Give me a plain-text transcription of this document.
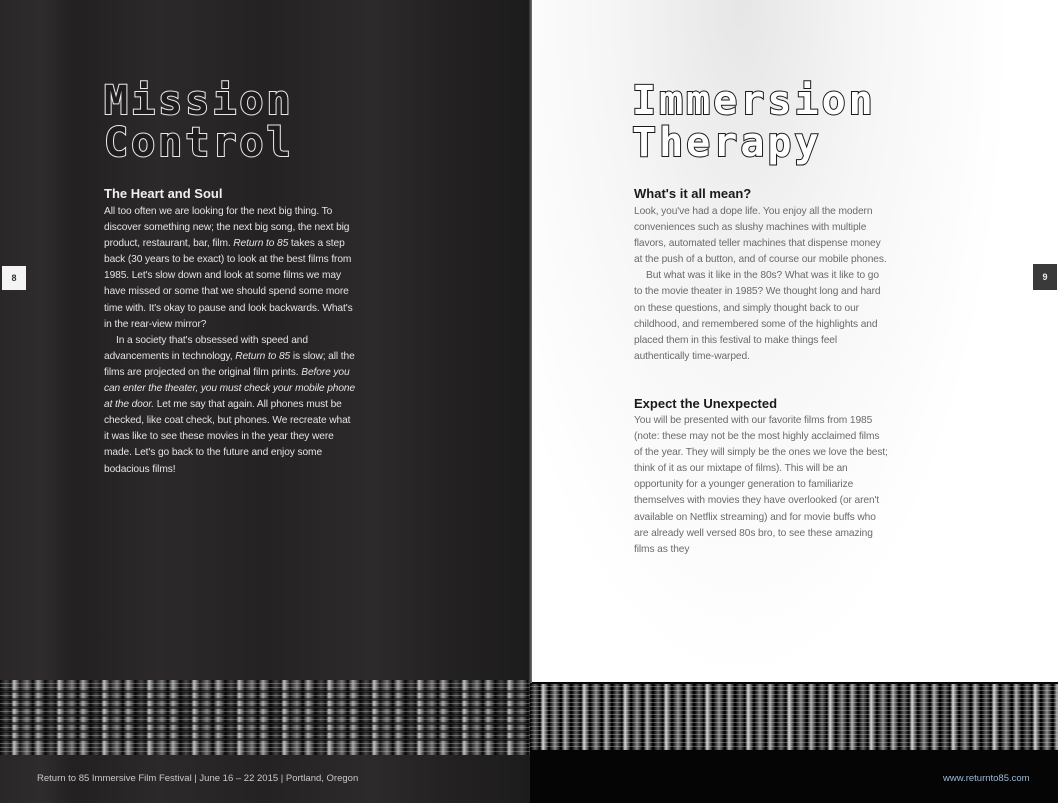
Mission
Control
The Heart and Soul

All too often we are looking for the next big thing. To discover something new; the next big song, the next big product, restaurant, bar, film. Return to 85 takes a step back (30 years to be exact) to look at the best films from 1985. Let's slow down and look at some films we may have missed or some that we should spend some more time with. It's okay to pause and look backwards. What's in the rear-view mirror?

In a society that's obsessed with speed and advancements in technology, Return to 85 is slow; all the films are projected on the original film prints. Before you can enter the theater, you must check your mobile phone at the door. Let me say that again. All phones must be checked, like coat check, but phones. We recreate what it was like to see these movies in the year they were made. Let's go back to the future and enjoy some bodacious films!

8
Return to 85 Immersive Film Festival | June 16 – 22 2015 | Portland, Oregon
Immersion
Therapy
What's it all mean?

Look, you've had a dope life. You enjoy all the modern conveniences such as slushy machines with multiple flavors, automated teller machines that dispense money at the push of a button, and of course our mobile phones.

But what was it like in the 80s? What was it like to go to the movie theater in 1985? We thought long and hard on these questions, and simply thought back to our childhood, and remembered some of the highlights and placed them in this festival to make things feel authentically time-warped.

Expect the Unexpected

You will be presented with our favorite films from 1985 (note: these may not be the most highly acclaimed films of the year. They will simply be the ones we love the best; think of it as our mixtape of films). This will be an opportunity for a younger generation to familiarize themselves with movies they have overlooked (or aren't available on Netflix streaming) and for movie buffs who are already well versed 80s bro, to see these amazing films as they

9
www.returnto85.com
